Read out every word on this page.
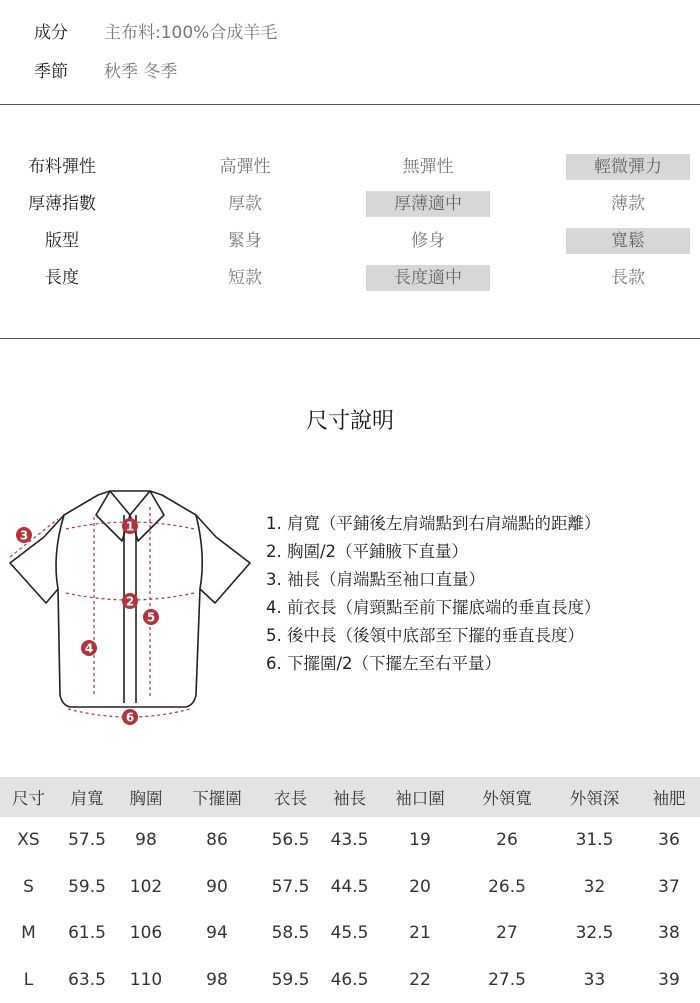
成分 主布料:100%合成羊毛
季節 秋季 冬季
布料彈性	高彈性	無彈性	輕微彈力
厚薄指數	厚款	厚薄適中	薄款
版型	緊身	修身	寬鬆
長度	短款	長度適中	長款
尺寸說明
1
2
3
4
5
6
1. 肩寬（平鋪後左肩端點到右肩端點的距離）
2. 胸圍/2（平鋪腋下直量）
3. 袖長（肩端點至袖口直量）
4. 前衣長（肩頸點至前下擺底端的垂直長度）
5. 後中長（後領中底部至下擺的垂直長度）
6. 下擺圍/2（下擺左至右平量）
尺寸	肩寬	胸圍	下擺圍	衣長	袖長	袖口圍	外領寬	外領深	袖肥
XS	57.5	98	86	56.5	43.5	19	26	31.5	36
S	59.5	102	90	57.5	44.5	20	26.5	32	37
M	61.5	106	94	58.5	45.5	21	27	32.5	38
L	63.5	110	98	59.5	46.5	22	27.5	33	39
